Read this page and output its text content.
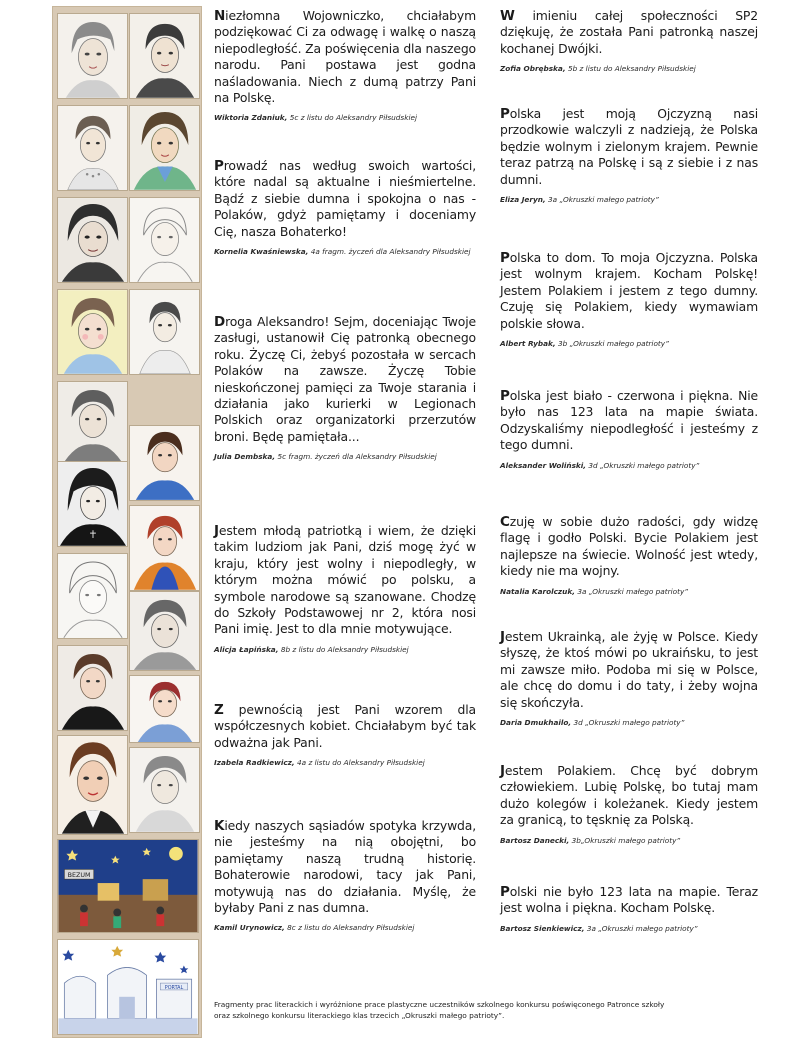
BEZUM
PORTAL

Niezłomna Wojowniczko, chciałabym podziękować Ci za odwagę i walkę o naszą niepodległość. Za poświęcenia dla naszego narodu. Pani postawa jest godna naśladowania. Niech z dumą patrzy Pani na Polskę.

Wiktoria Zdaniuk, 5c z listu do Aleksandry Piłsudskiej

Prowadź nas według swoich wartości, które nadal są aktualne i nieśmiertelne. Bądź z siebie dumna i spokojna o nas - Polaków, gdyż pamiętamy i doceniamy Cię, nasza Bohaterko!

Kornelia Kwaśniewska, 4a fragm. życzeń dla Aleksandry Piłsudskiej

Droga Aleksandro! Sejm, doceniając Twoje zasługi, ustanowił Cię patronką obecnego roku. Życzę Ci, żebyś pozostała w sercach Polaków na zawsze. Życzę Tobie nieskończonej pamięci za Twoje starania i działania jako kurierki w Legionach Polskich oraz organizatorki przerzutów broni. Będę pamiętała...

Julia Dembska, 5c fragm. życzeń dla Aleksandry Piłsudskiej

Jestem młodą patriotką i wiem, że dzięki takim ludziom jak Pani, dziś mogę żyć w kraju, który jest wolny i niepodległy, w którym można mówić po polsku, a symbole narodowe są szanowane. Chodzę do Szkoły Podstawowej nr 2, która nosi Pani imię. Jest to dla mnie motywujące.

Alicja Łapińska, 8b z listu do Aleksandry Piłsudskiej

Z pewnością jest Pani wzorem dla współczesnych kobiet. Chciałabym być tak odważna jak Pani.

Izabela Radkiewicz, 4a z listu do Aleksandry Piłsudskiej

Kiedy naszych sąsiadów spotyka krzywda, nie jesteśmy na nią obojętni, bo pamiętamy naszą trudną historię. Bohaterowie narodowi, tacy jak Pani, motywują nas do działania. Myślę, że byłaby Pani z nas dumna.

Kamil Urynowicz, 8c z listu do Aleksandry Piłsudskiej

W imieniu całej społeczności SP2 dziękuję, że została Pani patronką naszej kochanej Dwójki.

Zofia Obrębska, 5b z listu do Aleksandry Piłsudskiej

Polska jest moją Ojczyzną nasi przodkowie walczyli z nadzieją, że Polska będzie wolnym i zielonym krajem. Pewnie teraz patrzą na Polskę i są z siebie i z nas dumni.

Eliza Jeryn, 3a „Okruszki małego patrioty”

Polska to dom. To moja Ojczyzna. Polska jest wolnym krajem. Kocham Polskę! Jestem Polakiem i jestem z tego dumny. Czuję się Polakiem, kiedy wymawiam polskie słowa.

Albert Rybak, 3b „Okruszki małego patrioty”

Polska jest biało - czerwona i piękna. Nie było nas 123 lata na mapie świata. Odzyskaliśmy niepodległość i jesteśmy z tego dumni.

Aleksander Woliński, 3d „Okruszki małego patrioty”

Czuję w sobie dużo radości, gdy widzę flagę i godło Polski. Bycie Polakiem jest najlepsze na świecie. Wolność jest wtedy, kiedy nie ma wojny.

Natalia Karolczuk, 3a „Okruszki małego patrioty”

Jestem Ukrainką, ale żyję w Polsce. Kiedy słyszę, że ktoś mówi po ukraińsku, to jest mi zawsze miło. Podoba mi się w Polsce, ale chcę do domu i do taty, i żeby wojna się skończyła.

Daria Dmukhailo, 3d „Okruszki małego patrioty”

Jestem Polakiem. Chcę być dobrym człowiekiem. Lubię Polskę, bo tutaj mam dużo kolegów i koleżanek. Kiedy jestem za granicą, to tęsknię za Polską.

Bartosz Danecki, 3b„Okruszki małego patrioty”

Polski nie było 123 lata na mapie. Teraz jest wolna i piękna. Kocham Polskę.

Bartosz Sienkiewicz, 3a „Okruszki małego patrioty”

Fragmenty prac literackich i wyróżnione prace plastyczne uczestników szkolnego konkursu poświęconego Patronce szkoły
oraz szkolnego konkursu literackiego klas trzecich „Okruszki małego patrioty”.
